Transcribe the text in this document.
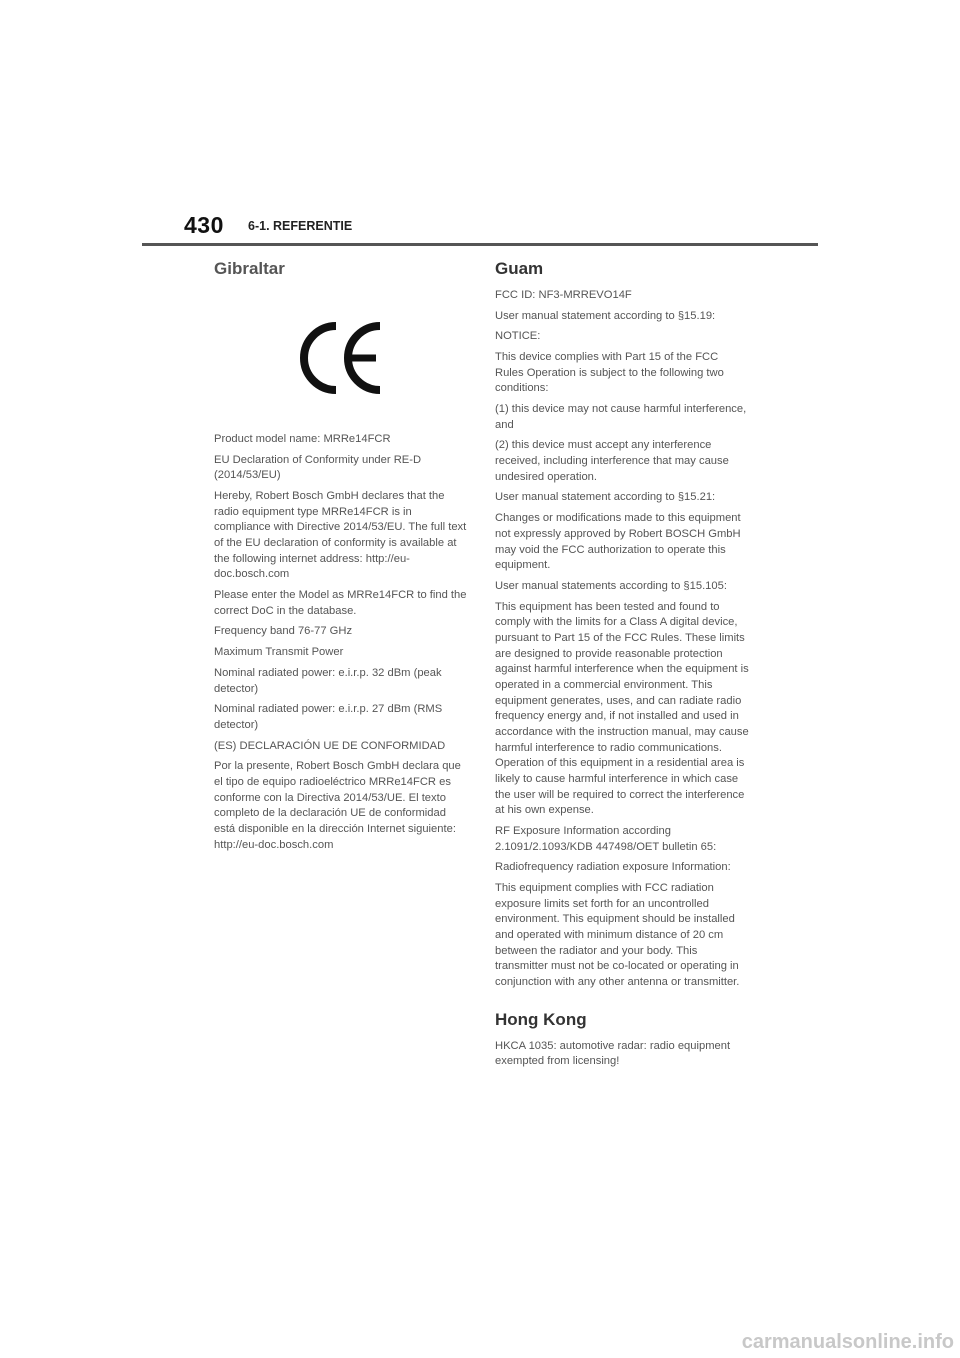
430 6-1. REFERENTIE
Gibraltar

Product model name: MRRe14FCR

EU Declaration of Conformity under RE-D (2014/53/EU)

Hereby, Robert Bosch GmbH declares that the radio equipment type MRRe14FCR is in compliance with Directive 2014/53/EU. The full text of the EU declaration of conformity is available at the following internet address: http://eu-doc.bosch.com

Please enter the Model as MRRe14FCR to find the correct DoC in the database.

Frequency band 76-77 GHz

Maximum Transmit Power

Nominal radiated power: e.i.r.p. 32 dBm (peak detector)

Nominal radiated power: e.i.r.p. 27 dBm (RMS detector)

(ES) DECLARACIÓN UE DE CONFORMIDAD

Por la presente, Robert Bosch GmbH declara que el tipo de equipo radioeléctrico MRRe14FCR es conforme con la Directiva 2014/53/UE. El texto completo de la declaración UE de conformidad está disponible en la dirección Internet siguiente: http://eu-doc.bosch.com

Guam

FCC ID: NF3-MRREVO14F

User manual statement according to §15.19:

NOTICE:

This device complies with Part 15 of the FCC Rules Operation is subject to the following two conditions:

(1) this device may not cause harmful interference, and

(2) this device must accept any interference received, including interference that may cause undesired operation.

User manual statement according to §15.21:

Changes or modifications made to this equipment not expressly approved by Robert BOSCH GmbH may void the FCC authorization to operate this equipment.

User manual statements according to §15.105:

This equipment has been tested and found to comply with the limits for a Class A digital device, pursuant to Part 15 of the FCC Rules. These limits are designed to provide reasonable protection against harmful interference when the equipment is operated in a commercial environment. This equipment generates, uses, and can radiate radio frequency energy and, if not installed and used in accordance with the instruction manual, may cause harmful interference to radio communications. Operation of this equipment in a residential area is likely to cause harmful interference in which case the user will be required to correct the interference at his own expense.

RF Exposure Information according 2.1091/2.1093/KDB 447498/OET bulletin 65:

Radiofrequency radiation exposure Information:

This equipment complies with FCC radiation exposure limits set forth for an uncontrolled environment. This equipment should be installed and operated with minimum distance of 20 cm between the radiator and your body. This transmitter must not be co-located or operating in conjunction with any other antenna or transmitter.

Hong Kong

HKCA 1035: automotive radar: radio equipment exempted from licensing!

carmanualsonline.info
